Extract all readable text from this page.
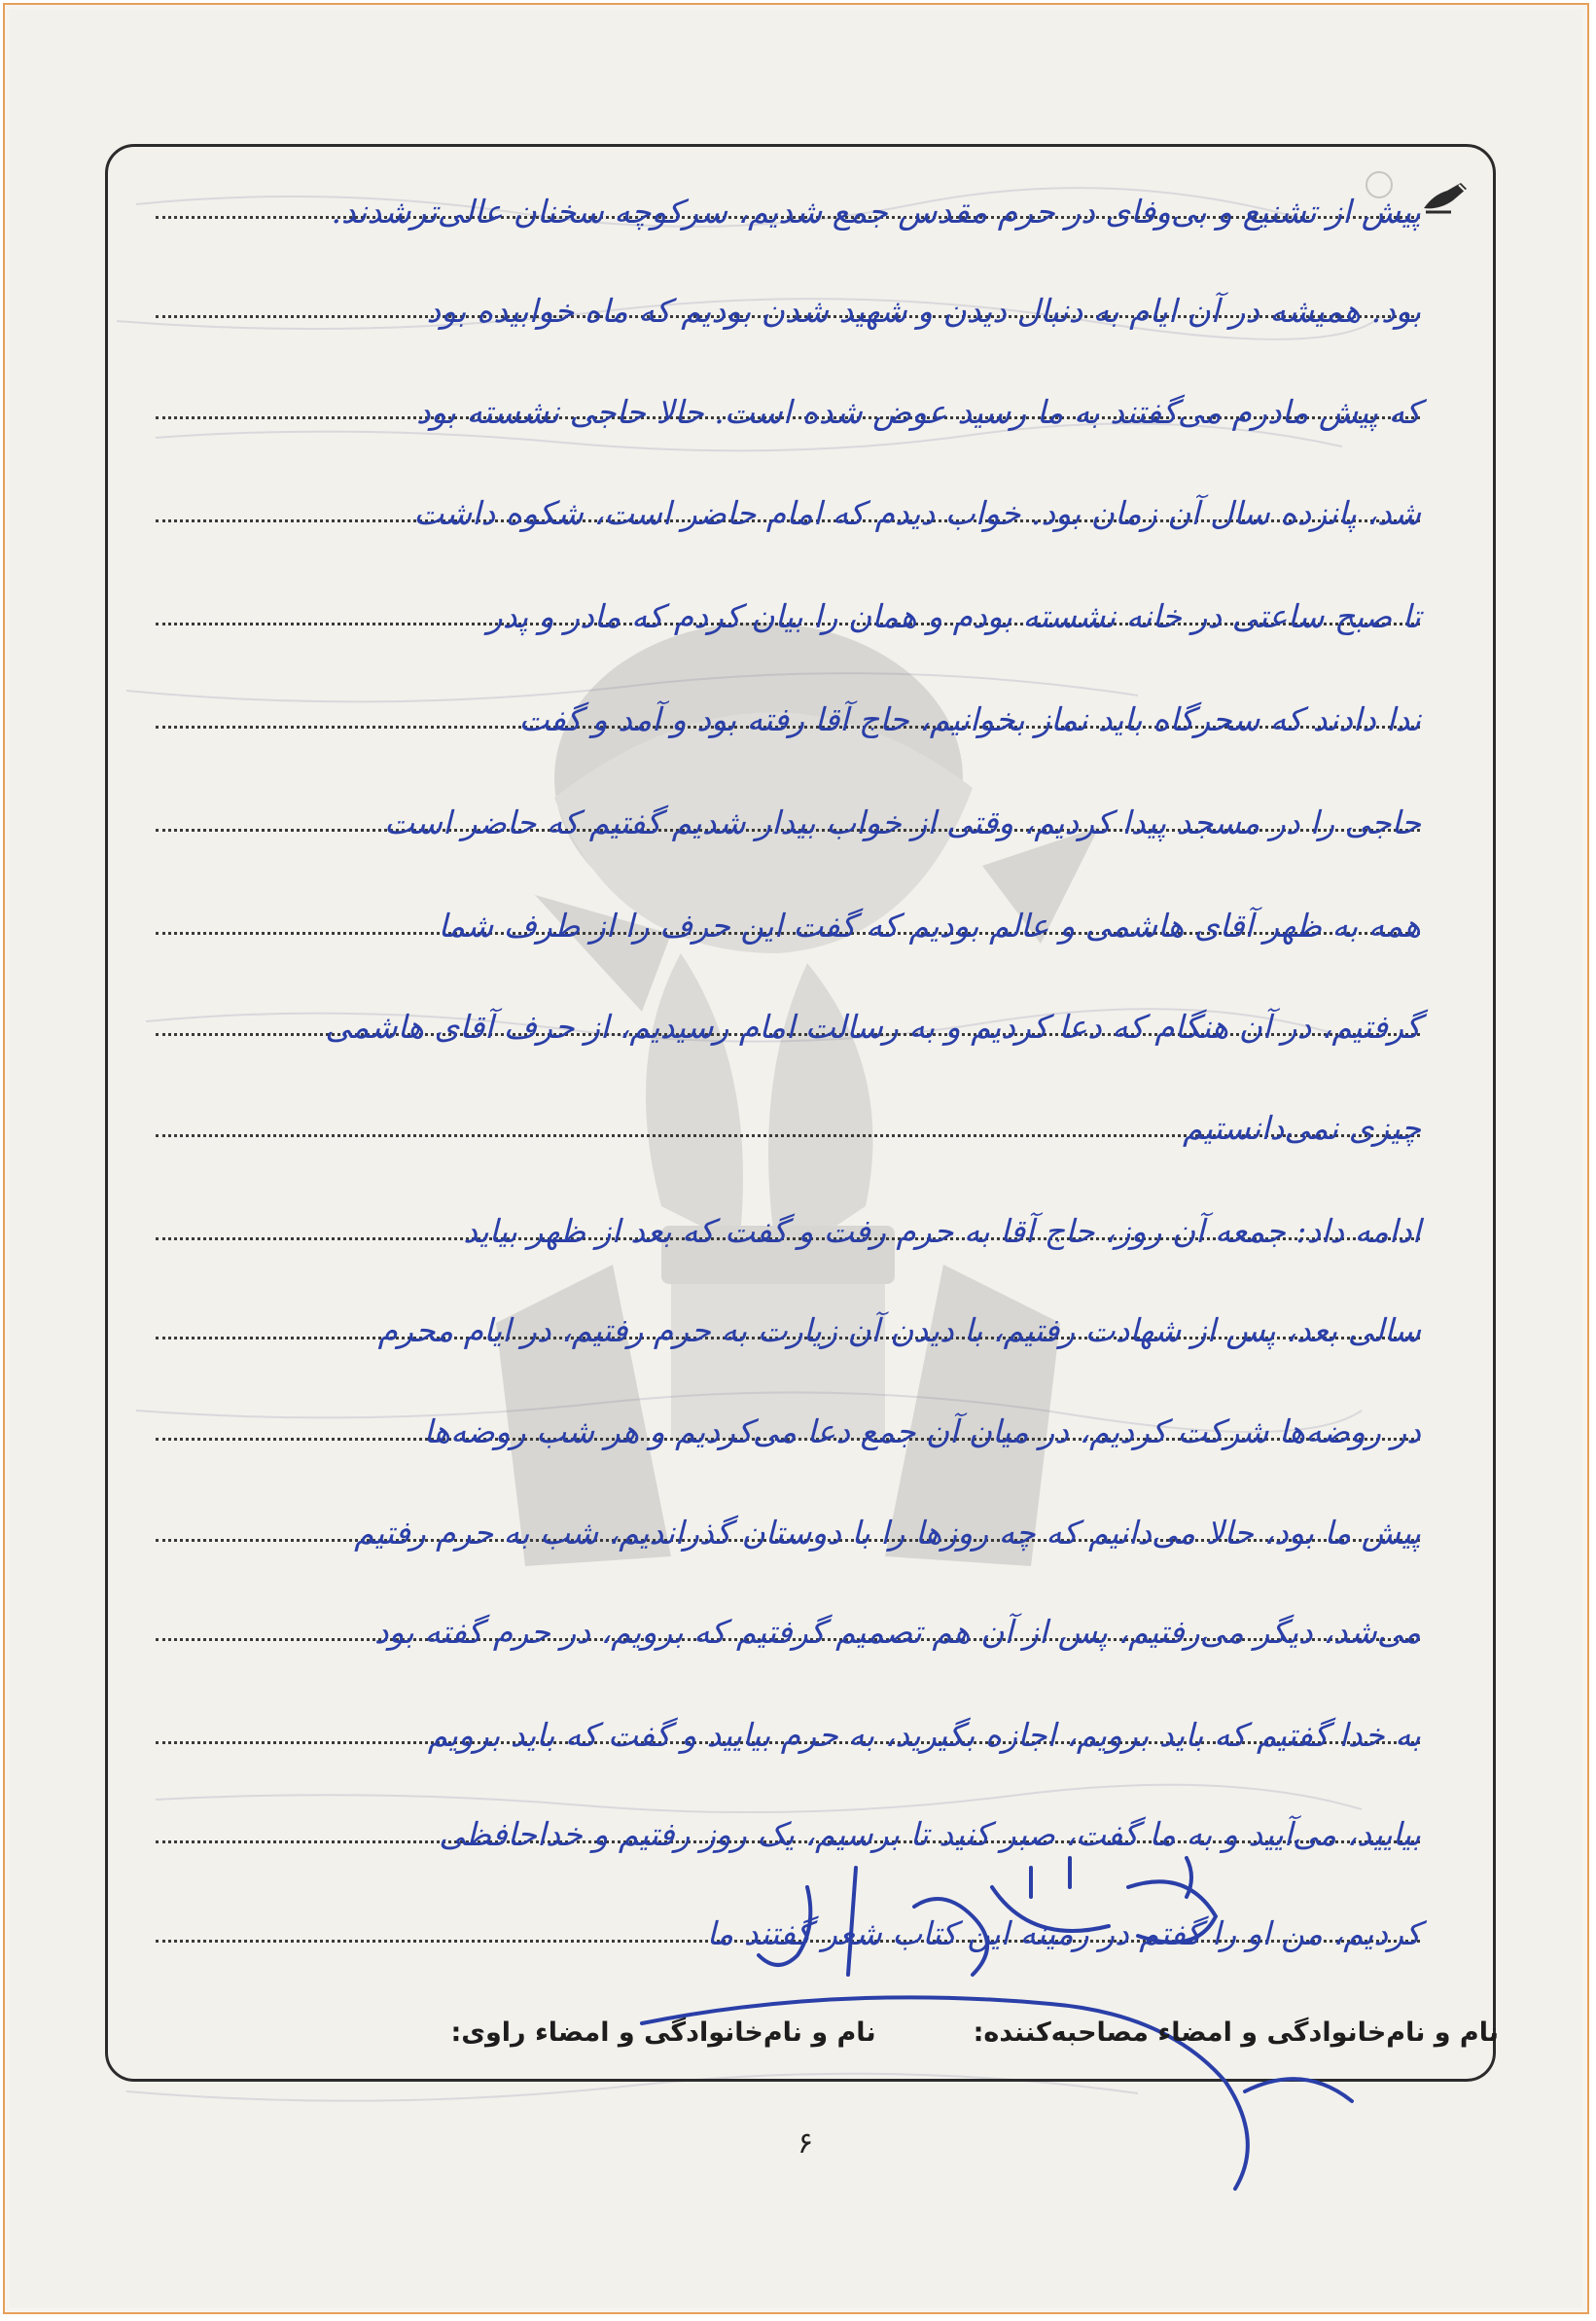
پیش از تشنیع و بی‌وفای در حرم مقدس جمع شدیم، سرکوچه سخنان عالی‌ترشدند.
بود. همیشه در آن ایام به دنبال دیدن و شهید شدن بودیم که ماه خوابیده بود
که پیش مادرم می‌گفتند به ما رسید عوض شده است. حالا حاجی نشسته بود
شد، پانزده سال آن زمان بود. خواب دیدم که امام حاضر است، شکوه داشت
تا صبح ساعتی در خانه نشسته بودم و همان را بیان کردم که مادر و پدر
ندا دادند که سحرگاه باید نماز بخوانیم، حاج آقا رفته بود و آمد و گفت
حاجی را در مسجد پیدا کردیم، وقتی از خواب بیدار شدیم گفتیم که حاضر است
همه به ظهر آقای هاشمی و عالم بودیم که گفت این حرف را از طرف شما
گرفتیم، در آن هنگام که دعا کردیم و به رسالت امام رسیدیم، از حرف آقای هاشمی
چیزی نمی‌دانستیم
ادامه داد: جمعه آن روز، حاج آقا به حرم رفت و گفت که بعد از ظهر بیاید
سالی بعد، پس از شهادت رفتیم، با دیدن آن زیارت به حرم رفتیم، در ایام محرم
در روضه‌ها شرکت کردیم، در میان آن جمع دعا می‌کردیم و هر شب روضه‌ها
پیش ما بود، حالا می‌دانیم که چه روزها را با دوستان گذراندیم، شب به حرم رفتیم
می‌شد، دیگر می‌رفتیم، پس از آن هم تصمیم گرفتیم که برویم، در حرم گفته بود
به خدا گفتیم که باید برویم، اجازه بگیرید، به حرم بیایید و گفت که باید برویم
بیایید، می‌آیید و به ما گفت، صبر کنید تا برسیم، یک روز رفتیم و خداحافظی
کردیم، من او را گفتم در زمینه این کتاب شعر گفتند ما
نام و نام‌خانوادگی و امضاء مصاحبه‌کننده:
نام و نام‌خانوادگی و امضاء راوی:
۶
